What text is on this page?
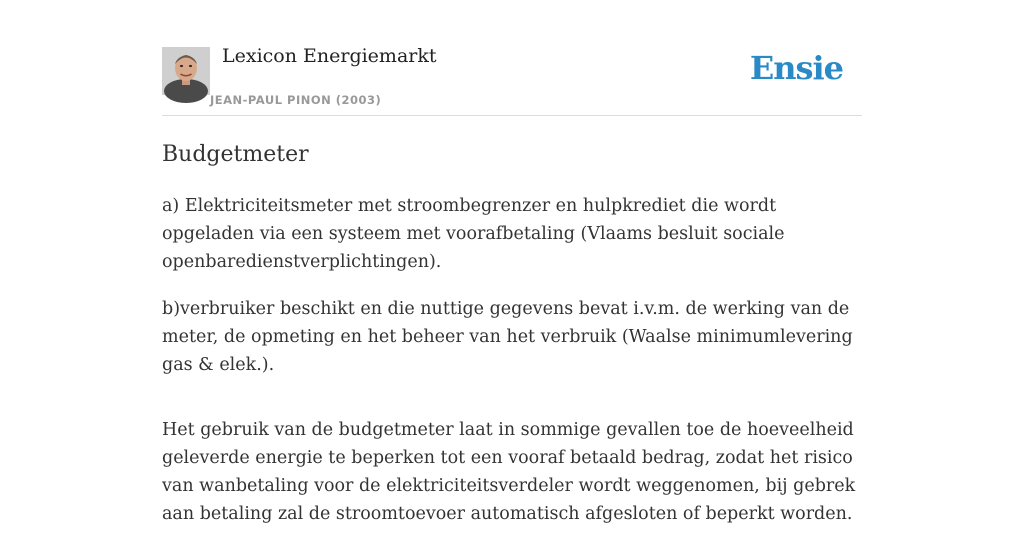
Lexicon Energiemarkt
JEAN-PAUL PINON (2003)
Ensie
Budgetmeter

a) Elektriciteitsmeter met stroombegrenzer en hulpkrediet die wordt opgeladen via een systeem met voorafbetaling (Vlaams besluit sociale openbaredienstverplichtingen).

b)verbruiker beschikt en die nuttige gegevens bevat i.v.m. de werking van de meter, de opmeting en het beheer van het verbruik (Waalse minimumlevering gas & elek.).

Het gebruik van de budgetmeter laat in sommige gevallen toe de hoeveelheid geleverde energie te beperken tot een vooraf betaald bedrag, zodat het risico van wanbetaling voor de elektriciteitsverdeler wordt weggenomen, bij gebrek aan betaling zal de stroomtoevoer automatisch afgesloten of beperkt worden.
